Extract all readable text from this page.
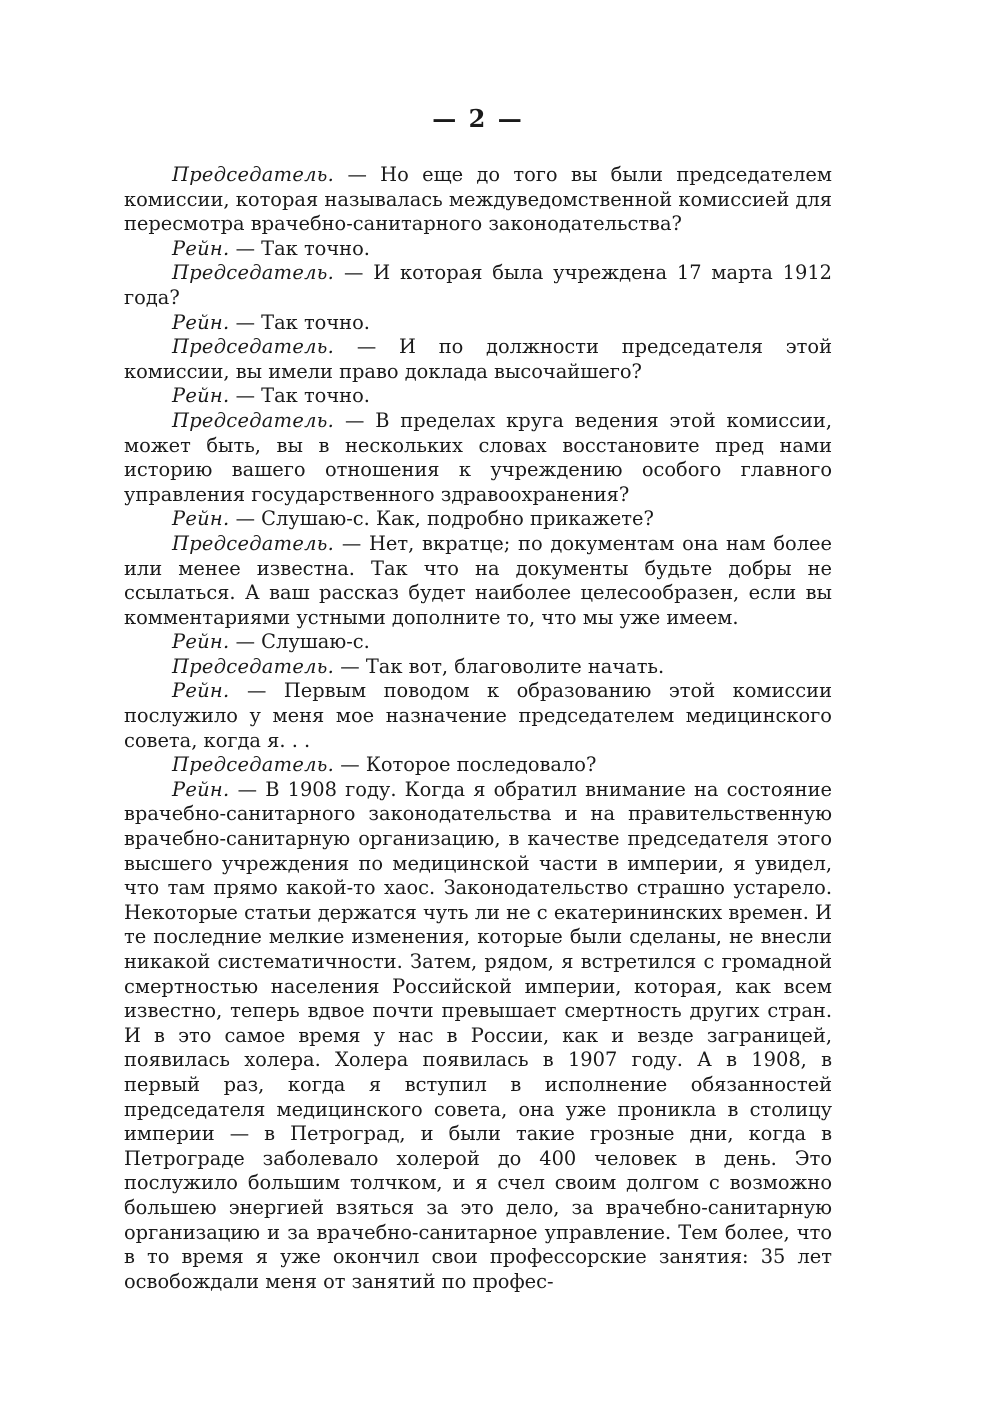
— 2 —

Председатель. — Но еще до того вы были председателем комиссии, которая называлась междуведомственной комиссией для пересмотра врачебно-санитарного законодательства?

Рейн. — Так точно.

Председатель. — И которая была учреждена 17 марта 1912 года?

Рейн. — Так точно.

Председатель. — И по должности председателя этой комиссии, вы имели право доклада высочайшего?

Рейн. — Так точно.

Председатель. — В пределах круга ведения этой комиссии, может быть, вы в нескольких словах восстановите пред нами историю вашего отношения к учреждению особого главного управления государственного здравоохранения?

Рейн. — Слушаю-с. Как, подробно прикажете?

Председатель. — Нет, вкратце; по документам она нам более или менее известна. Так что на документы будьте добры не ссылаться. А ваш рассказ будет наиболее целесообразен, если вы комментариями устными дополните то, что мы уже имеем.

Рейн. — Слушаю-с.

Председатель. — Так вот, благоволите начать.

Рейн. — Первым поводом к образованию этой комиссии послужило у меня мое назначение председателем медицинского совета, когда я. . .

Председатель. — Которое последовало?

Рейн. — В 1908 году. Когда я обратил внимание на состояние врачебно-санитарного законодательства и на правительственную врачебно-санитарную организацию, в качестве председателя этого высшего учреждения по медицинской части в империи, я увидел, что там прямо какой-то хаос. Законодательство страшно устарело. Некоторые статьи держатся чуть ли не с екатерининских времен. И те последние мелкие изменения, которые были сделаны, не внесли никакой систематичности. Затем, рядом, я встретился с громадной смертностью населения Российской империи, которая, как всем известно, теперь вдвое почти превышает смертность других стран. И в это самое время у нас в России, как и везде заграницей, появилась холера. Холера появилась в 1907 году. А в 1908, в первый раз, когда я вступил в исполнение обязанностей председателя медицинского совета, она уже проникла в столицу империи — в Петроград, и были такие грозные дни, когда в Петрограде заболевало холерой до 400 человек в день. Это послужило большим толчком, и я счел своим долгом с возможно большею энергией взяться за это дело, за врачебно-санитарную организацию и за врачебно-санитарное управление. Тем более, что в то время я уже окончил свои профессорские занятия: 35 лет освобождали меня от занятий по профес-
